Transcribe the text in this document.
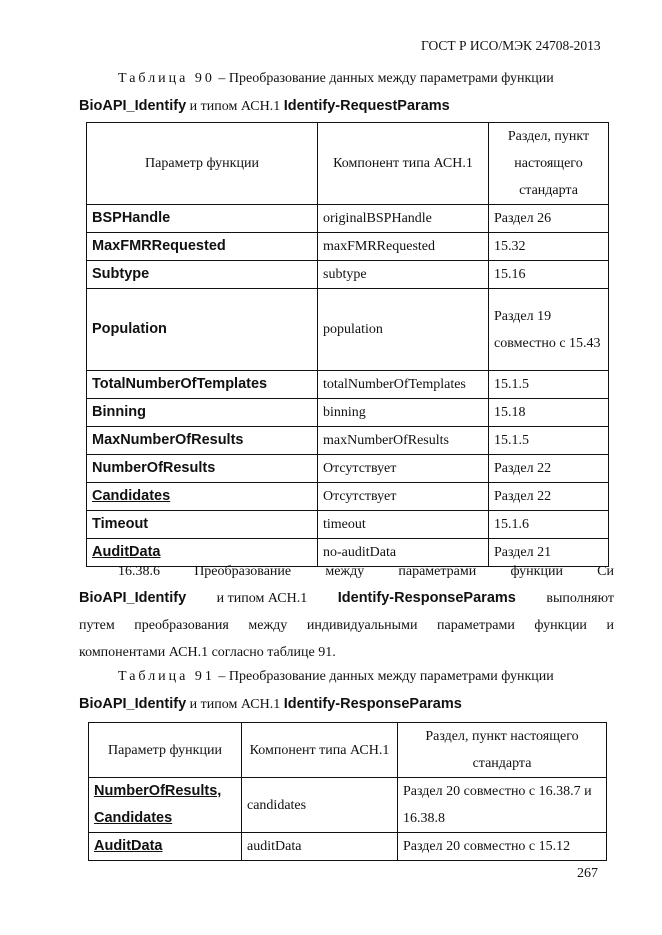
ГОСТ Р ИСО/МЭК 24708-2013
Таблица 90 – Преобразование данных между параметрами функции
BioAPI_Identify и типом АСН.1 Identify-RequestParams
Параметр функции	Компонент типа АСН.1	Раздел, пункт настоящего стандарта
BSPHandle	originalBSPHandle	Раздел 26
MaxFMRRequested	maxFMRRequested	15.32
Subtype	subtype	15.16
Population	population	Раздел 19 совместно с 15.43
TotalNumberOfTemplates	totalNumberOfTemplates	15.1.5
Binning	binning	15.18
MaxNumberOfResults	maxNumberOfResults	15.1.5
NumberOfResults	Отсутствует	Раздел 22
Candidates	Отсутствует	Раздел 22
Timeout	timeout	15.1.6
AuditData	no-auditData	Раздел 21
16.38.6 Преобразование между параметрами функции Си
BioAPI_Identify и типом АСН.1 Identify-ResponseParams выполняют
путем преобразования между индивидуальными параметрами функции и
компонентами АСН.1 согласно таблице 91.
Таблица 91 – Преобразование данных между параметрами функции
BioAPI_Identify и типом АСН.1 Identify-ResponseParams
Параметр функции	Компонент типа АСН.1	Раздел, пункт настоящего стандарта

NumberOfResults,
Candidates	candidates	Раздел 20 совместно с 16.38.7 и 16.38.8
AuditData	auditData	Раздел 20 совместно с 15.12
267
